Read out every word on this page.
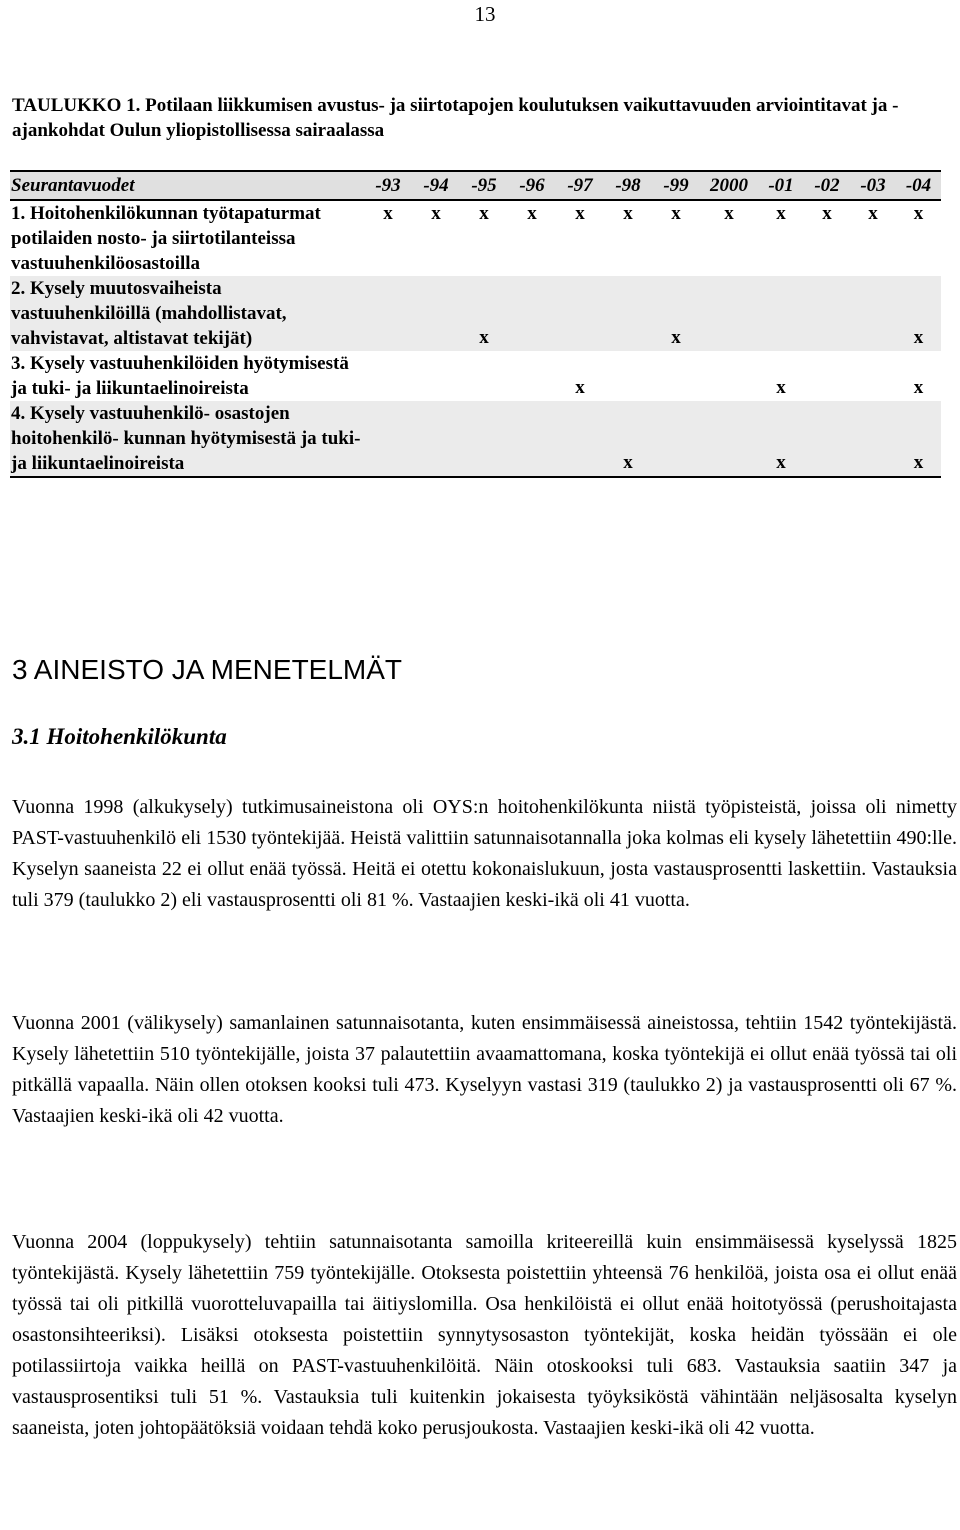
13
TAULUKKO 1. Potilaan liikkumisen avustus- ja siirtotapojen koulutuksen vaikuttavuuden arviointitavat ja -ajankohdat Oulun yliopistollisessa sairaalassa
Seurantavuodet	-93	-94	-95	-96	-97	-98	-99	2000	-01	-02	-03	-04
1. Hoitohenkilökunnan työtapaturmat potilaiden nosto- ja siirtotilanteissa vastuuhenkilöosastoilla	x	x	x	x	x	x	x	x	x	x	x	x
2. Kysely muutosvaiheista vastuuhenkilöillä (mahdollistavat, vahvistavat, altistavat tekijät)			x				x					x
3. Kysely vastuuhenkilöiden hyötymisestä ja tuki- ja liikuntaelinoireista					x				x			x
4. Kysely vastuuhenkilö- osastojen hoitohenkilö- kunnan hyötymisestä ja tuki- ja liikuntaelinoireista						x			x			x
3 AINEISTO JA MENETELMÄT
3.1 Hoitohenkilökunta

Vuonna 1998 (alkukysely) tutkimusaineistona oli OYS:n hoitohenkilökunta niistä työpisteistä, joissa oli nimetty PAST-vastuuhenkilö eli 1530 työntekijää. Heistä valittiin satunnaisotannalla joka kolmas eli kysely lähetettiin 490:lle. Kyselyn saaneista 22 ei ollut enää työssä. Heitä ei otettu kokonaislukuun, josta vastausprosentti laskettiin. Vastauksia tuli 379 (taulukko 2) eli vastausprosentti oli 81 %. Vastaajien keski-ikä oli 41 vuotta.

Vuonna 2001 (välikysely) samanlainen satunnaisotanta, kuten ensimmäisessä aineistossa, tehtiin 1542 työntekijästä. Kysely lähetettiin 510 työntekijälle, joista 37 palautettiin avaamattomana, koska työntekijä ei ollut enää työssä tai oli pitkällä vapaalla. Näin ollen otoksen kooksi tuli 473. Kyselyyn vastasi 319 (taulukko 2) ja vastausprosentti oli 67 %. Vastaajien keski-ikä oli 42 vuotta.

Vuonna 2004 (loppukysely) tehtiin satunnaisotanta samoilla kriteereillä kuin ensimmäisessä kyselyssä 1825 työntekijästä. Kysely lähetettiin 759 työntekijälle. Otoksesta poistettiin yhteensä 76 henkilöä, joista osa ei ollut enää työssä tai oli pitkillä vuorotteluvapailla tai äitiyslomilla. Osa henkilöistä ei ollut enää hoitotyössä (perushoitajasta osastonsihteeriksi). Lisäksi otoksesta poistettiin synnytysosaston työntekijät, koska heidän työssään ei ole potilassiirtoja vaikka heillä on PAST-vastuuhenkilöitä. Näin otoskooksi tuli 683. Vastauksia saatiin 347 ja vastausprosentiksi tuli 51 %. Vastauksia tuli kuitenkin jokaisesta työyksiköstä vähintään neljäsosalta kyselyn saaneista, joten johtopäätöksiä voidaan tehdä koko perusjoukosta. Vastaajien keski-ikä oli 42 vuotta.
